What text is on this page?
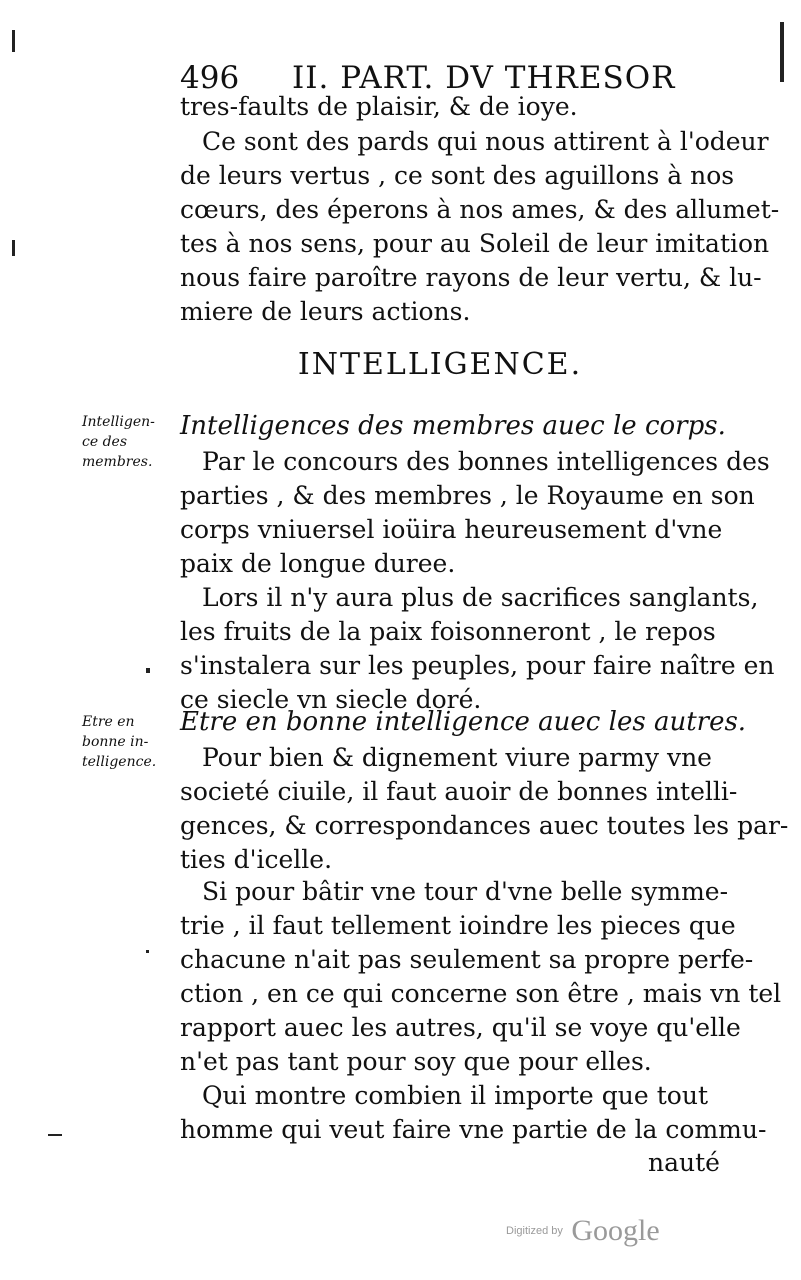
496 II. PART. DV THRESOR
tres-faults de plaisir, & de ioye.
Ce sont des pards qui nous attirent à l'odeur
de leurs vertus , ce sont des aguillons à nos
cœurs, des éperons à nos ames, & des allumet-
tes à nos sens, pour au Soleil de leur imitation
nous faire paroître rayons de leur vertu, & lu-
miere de leurs actions.
INTELLIGENCE.
Intelligen-
ce des
membres.
Intelligences des membres auec le corps.
Par le concours des bonnes intelligences des
parties , & des membres , le Royaume en son
corps vniuersel ioüira heureusement d'vne
paix de longue duree.
Lors il n'y aura plus de sacrifices sanglants,
les fruits de la paix foisonneront , le repos
s'instalera sur les peuples, pour faire naître en
ce siecle vn siecle doré.
Etre en
bonne in-
telligence.
Etre en bonne intelligence auec les autres.
Pour bien & dignement viure parmy vne
societé ciuile, il faut auoir de bonnes intelli-
gences, & correspondances auec toutes les par-
ties d'icelle.
Si pour bâtir vne tour d'vne belle symme-
trie , il faut tellement ioindre les pieces que
chacune n'ait pas seulement sa propre perfe-
ction , en ce qui concerne son être , mais vn tel
rapport auec les autres, qu'il se voye qu'elle
n'et pas tant pour soy que pour elles.
Qui montre combien il importe que tout
homme qui veut faire vne partie de la commu-
nauté
Digitized by Google
